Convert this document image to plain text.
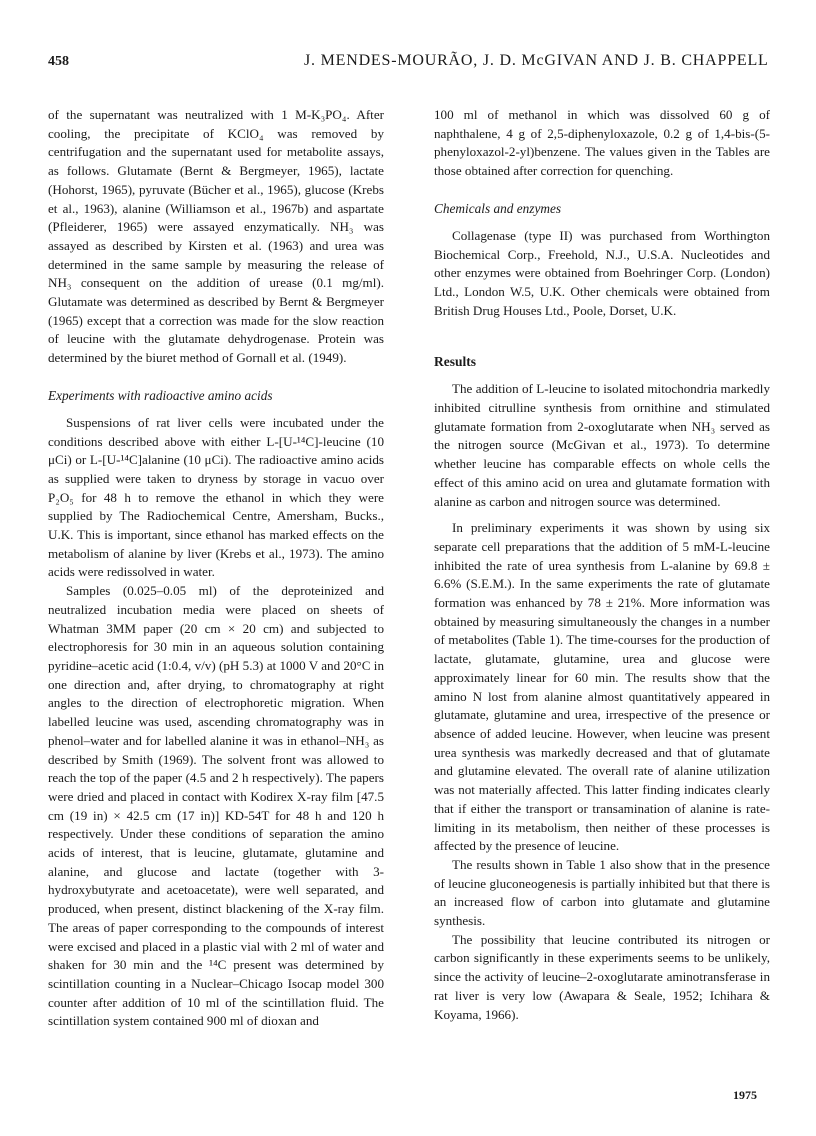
458	J. MENDES-MOURÃO, J. D. McGIVAN AND J. B. CHAPPELL

of the supernatant was neutralized with 1 M-K₃PO₄. After cooling, the precipitate of KClO₄ was removed by centrifugation and the supernatant used for metabolite assays, as follows. Glutamate (Bernt & Bergmeyer, 1965), lactate (Hohorst, 1965), pyruvate (Bücher et al., 1965), glucose (Krebs et al., 1963), alanine (Williamson et al., 1967b) and aspartate (Pfleiderer, 1965) were assayed enzymatically. NH₃ was assayed as described by Kirsten et al. (1963) and urea was determined in the same sample by measuring the release of NH₃ consequent on the addition of urease (0.1 mg/ml). Glutamate was determined as described by Bernt & Bergmeyer (1965) except that a correction was made for the slow reaction of leucine with the glutamate dehydrogenase. Protein was determined by the biuret method of Gornall et al. (1949).

Experiments with radioactive amino acids

Suspensions of rat liver cells were incubated under the conditions described above with either L-[U-¹⁴C]-leucine (10 μCi) or L-[U-¹⁴C]alanine (10 μCi). The radioactive amino acids as supplied were taken to dryness by storage in vacuo over P₂O₅ for 48 h to remove the ethanol in which they were supplied by The Radiochemical Centre, Amersham, Bucks., U.K. This is important, since ethanol has marked effects on the metabolism of alanine by liver (Krebs et al., 1973). The amino acids were redissolved in water.

Samples (0.025–0.05 ml) of the deproteinized and neutralized incubation media were placed on sheets of Whatman 3MM paper (20 cm × 20 cm) and subjected to electrophoresis for 30 min in an aqueous solution containing pyridine–acetic acid (1:0.4, v/v) (pH 5.3) at 1000 V and 20°C in one direction and, after drying, to chromatography at right angles to the direction of electrophoretic migration. When labelled leucine was used, ascending chromatography was in phenol–water and for labelled alanine it was in ethanol–NH₃ as described by Smith (1969). The solvent front was allowed to reach the top of the paper (4.5 and 2 h respectively). The papers were dried and placed in contact with Kodirex X-ray film [47.5 cm (19 in) × 42.5 cm (17 in)] KD-54T for 48 h and 120 h respectively. Under these conditions of separation the amino acids of interest, that is leucine, glutamate, glutamine and alanine, and glucose and lactate (together with 3-hydroxybutyrate and acetoacetate), were well separated, and produced, when present, distinct blackening of the X-ray film. The areas of paper corresponding to the compounds of interest were excised and placed in a plastic vial with 2 ml of water and shaken for 30 min and the ¹⁴C present was determined by scintillation counting in a Nuclear–Chicago Isocap model 300 counter after addition of 10 ml of the scintillation fluid. The scintillation system contained 900 ml of dioxan and

100 ml of methanol in which was dissolved 60 g of naphthalene, 4 g of 2,5-diphenyloxazole, 0.2 g of 1,4-bis-(5-phenyloxazol-2-yl)benzene. The values given in the Tables are those obtained after correction for quenching.

Chemicals and enzymes

Collagenase (type II) was purchased from Worthington Biochemical Corp., Freehold, N.J., U.S.A. Nucleotides and other enzymes were obtained from Boehringer Corp. (London) Ltd., London W.5, U.K. Other chemicals were obtained from British Drug Houses Ltd., Poole, Dorset, U.K.

Results

The addition of L-leucine to isolated mitochondria markedly inhibited citrulline synthesis from ornithine and stimulated glutamate formation from 2-oxoglutarate when NH₃ served as the nitrogen source (McGivan et al., 1973). To determine whether leucine has comparable effects on whole cells the effect of this amino acid on urea and glutamate formation with alanine as carbon and nitrogen source was determined.

In preliminary experiments it was shown by using six separate cell preparations that the addition of 5 mM-L-leucine inhibited the rate of urea synthesis from L-alanine by 69.8 ± 6.6% (S.E.M.). In the same experiments the rate of glutamate formation was enhanced by 78 ± 21%. More information was obtained by measuring simultaneously the changes in a number of metabolites (Table 1). The time-courses for the production of lactate, glutamate, glutamine, urea and glucose were approximately linear for 60 min. The results show that the amino N lost from alanine almost quantitatively appeared in glutamate, glutamine and urea, irrespective of the presence or absence of added leucine. However, when leucine was present urea synthesis was markedly decreased and that of glutamate and glutamine elevated. The overall rate of alanine utilization was not materially affected. This latter finding indicates clearly that if either the transport or transamination of alanine is rate-limiting in its metabolism, then neither of these processes is affected by the presence of leucine.

The results shown in Table 1 also show that in the presence of leucine gluconeogenesis is partially inhibited but that there is an increased flow of carbon into glutamate and glutamine synthesis.

The possibility that leucine contributed its nitrogen or carbon significantly in these experiments seems to be unlikely, since the activity of leucine–2-oxoglutarate aminotransferase in rat liver is very low (Awapara & Seale, 1952; Ichihara & Koyama, 1966).

1975
